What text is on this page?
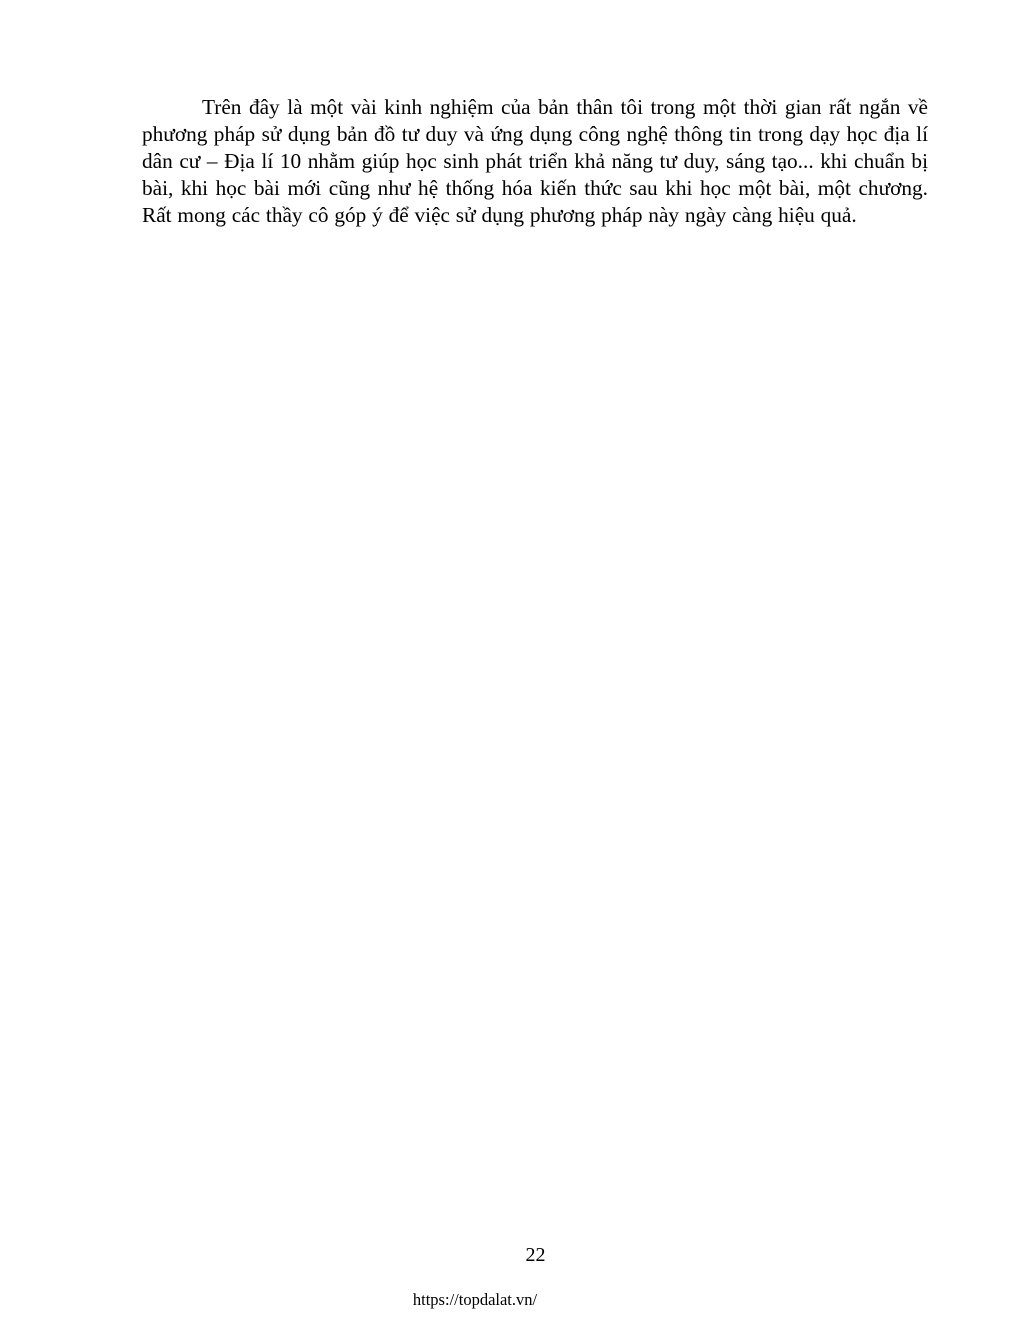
Trên đây là một vài kinh nghiệm của bản thân tôi trong một thời gian rất ngắn về phương pháp sử dụng bản đồ tư duy và ứng dụng công nghệ thông tin trong dạy học địa lí dân cư – Địa lí 10 nhằm giúp học sinh phát triển khả năng tư duy, sáng tạo... khi chuẩn bị bài, khi học bài mới cũng như hệ thống hóa kiến thức sau khi học một bài, một chương. Rất mong các thầy cô góp ý để việc sử dụng phương pháp này ngày càng hiệu quả.

22
https://topdalat.vn/
